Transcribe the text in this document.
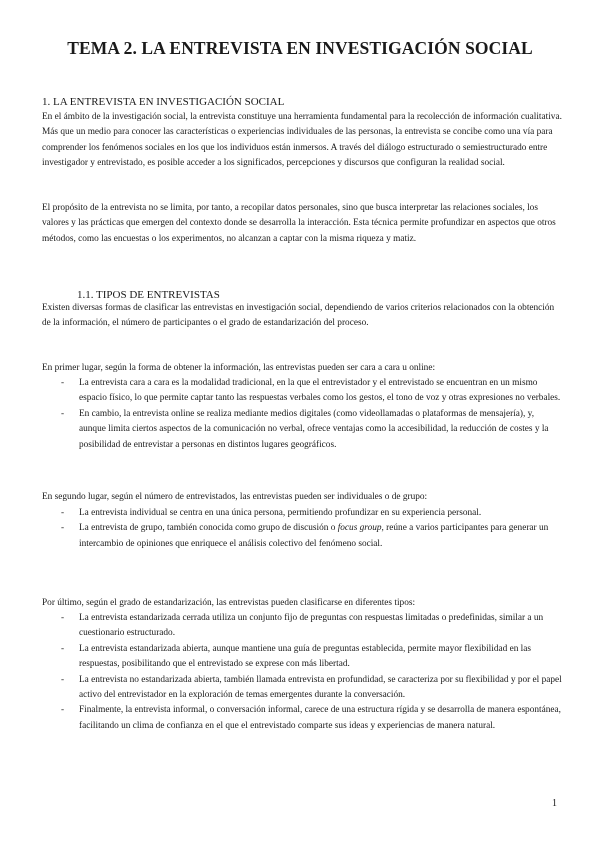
TEMA 2. LA ENTREVISTA EN INVESTIGACIÓN SOCIAL
1. LA ENTREVISTA EN INVESTIGACIÓN SOCIAL

En el ámbito de la investigación social, la entrevista constituye una herramienta fundamental para la recolección de información cualitativa. Más que un medio para conocer las características o experiencias individuales de las personas, la entrevista se concibe como una vía para comprender los fenómenos sociales en los que los individuos están inmersos. A través del diálogo estructurado o semiestructurado entre investigador y entrevistado, es posible acceder a los significados, percepciones y discursos que configuran la realidad social.

El propósito de la entrevista no se limita, por tanto, a recopilar datos personales, sino que busca interpretar las relaciones sociales, los valores y las prácticas que emergen del contexto donde se desarrolla la interacción. Esta técnica permite profundizar en aspectos que otros métodos, como las encuestas o los experimentos, no alcanzan a captar con la misma riqueza y matiz.

1.1. TIPOS DE ENTREVISTAS

Existen diversas formas de clasificar las entrevistas en investigación social, dependiendo de varios criterios relacionados con la obtención de la información, el número de participantes o el grado de estandarización del proceso.

En primer lugar, según la forma de obtener la información, las entrevistas pueden ser cara a cara u online:

- La entrevista cara a cara es la modalidad tradicional, en la que el entrevistador y el entrevistado se encuentran en un mismo espacio físico, lo que permite captar tanto las respuestas verbales como los gestos, el tono de voz y otras expresiones no verbales.
- En cambio, la entrevista online se realiza mediante medios digitales (como videollamadas o plataformas de mensajería), y, aunque limita ciertos aspectos de la comunicación no verbal, ofrece ventajas como la accesibilidad, la reducción de costes y la posibilidad de entrevistar a personas en distintos lugares geográficos.

En segundo lugar, según el número de entrevistados, las entrevistas pueden ser individuales o de grupo:

- La entrevista individual se centra en una única persona, permitiendo profundizar en su experiencia personal.
- La entrevista de grupo, también conocida como grupo de discusión o focus group, reúne a varios participantes para generar un intercambio de opiniones que enriquece el análisis colectivo del fenómeno social.

Por último, según el grado de estandarización, las entrevistas pueden clasificarse en diferentes tipos:

- La entrevista estandarizada cerrada utiliza un conjunto fijo de preguntas con respuestas limitadas o predefinidas, similar a un cuestionario estructurado.
- La entrevista estandarizada abierta, aunque mantiene una guía de preguntas establecida, permite mayor flexibilidad en las respuestas, posibilitando que el entrevistado se exprese con más libertad.
- La entrevista no estandarizada abierta, también llamada entrevista en profundidad, se caracteriza por su flexibilidad y por el papel activo del entrevistador en la exploración de temas emergentes durante la conversación.
- Finalmente, la entrevista informal, o conversación informal, carece de una estructura rígida y se desarrolla de manera espontánea, facilitando un clima de confianza en el que el entrevistado comparte sus ideas y experiencias de manera natural.
1
